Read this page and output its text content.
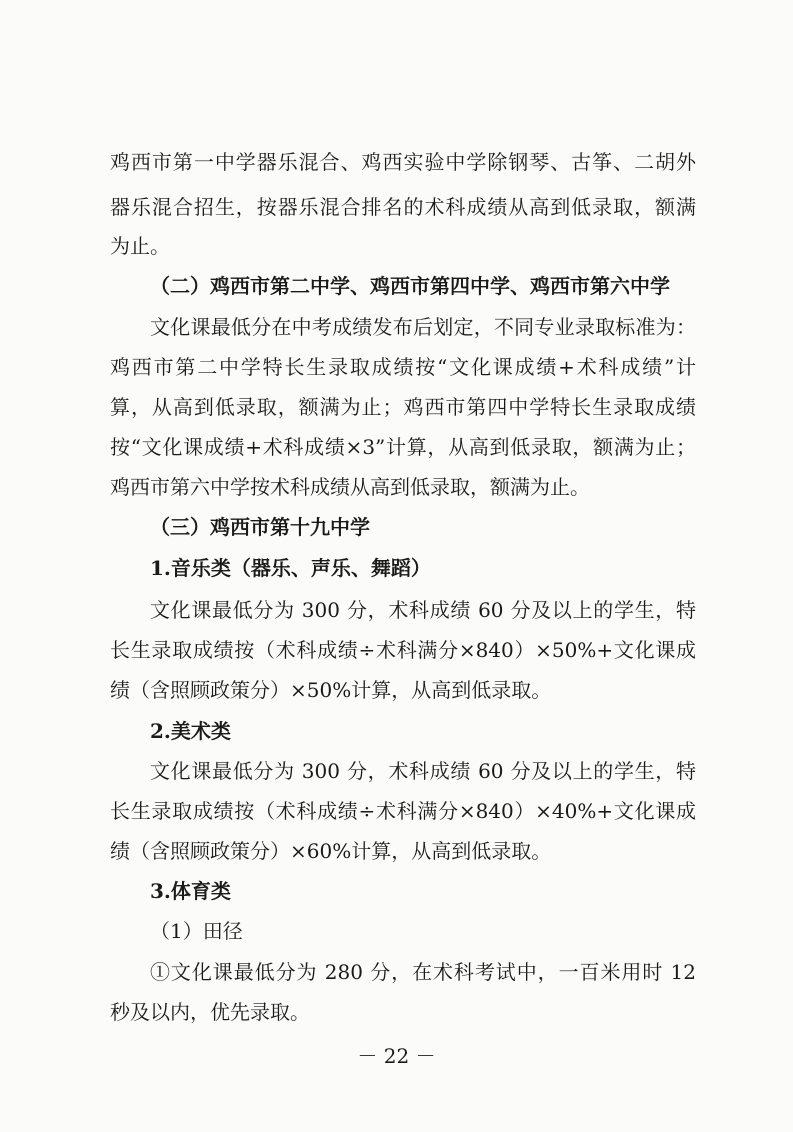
鸡西市第一中学器乐混合、鸡西实验中学除钢琴、古筝、二胡外

器乐混合招生，按器乐混合排名的术科成绩从高到低录取，额满

为止。

（二）鸡西市第二中学、鸡西市第四中学、鸡西市第六中学

文化课最低分在中考成绩发布后划定，不同专业录取标准为：

鸡西市第二中学特长生录取成绩按“文化课成绩+术科成绩”计

算，从高到低录取，额满为止；鸡西市第四中学特长生录取成绩

按“文化课成绩+术科成绩×3”计算，从高到低录取，额满为止；

鸡西市第六中学按术科成绩从高到低录取，额满为止。

（三）鸡西市第十九中学

1.音乐类（器乐、声乐、舞蹈）

文化课最低分为 300 分，术科成绩 60 分及以上的学生，特

长生录取成绩按（术科成绩÷术科满分×840）×50%+文化课成

绩（含照顾政策分）×50%计算，从高到低录取。

2.美术类

文化课最低分为 300 分，术科成绩 60 分及以上的学生，特

长生录取成绩按（术科成绩÷术科满分×840）×40%+文化课成

绩（含照顾政策分）×60%计算，从高到低录取。

3.体育类

（1）田径

①文化课最低分为 280 分，在术科考试中，一百米用时 12

秒及以内，优先录取。

－ 22 －
